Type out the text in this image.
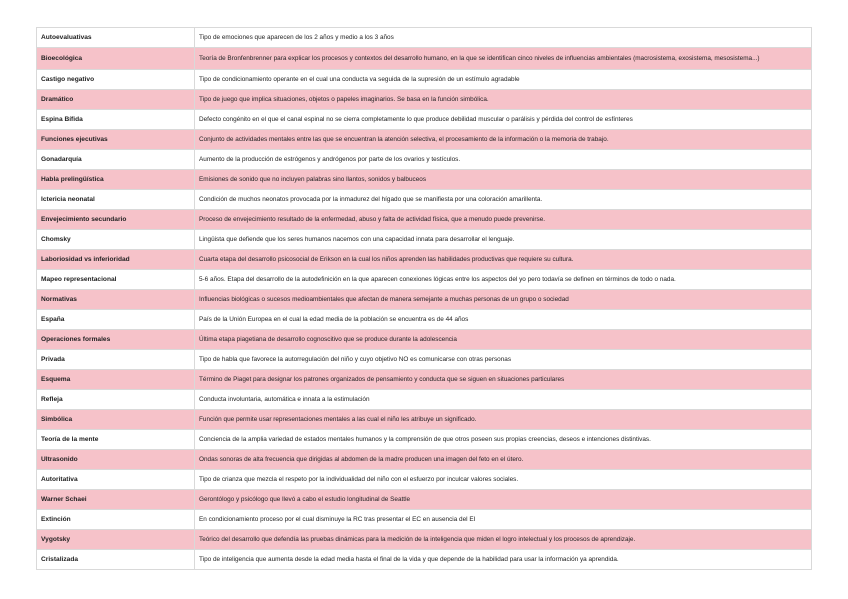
Autoevaluativas	Tipo de emociones que aparecen de los 2 años y medio a los 3 años
Bioecológica	Teoría de Bronfenbrenner para explicar los procesos y contextos del desarrollo humano, en la que se identifican cinco niveles de influencias ambientales (macrosistema, exosistema, mesosistema...)
Castigo negativo	Tipo de condicionamiento operante en el cual una conducta va seguida de la supresión de un estímulo agradable
Dramático	Tipo de juego que implica situaciones, objetos o papeles imaginarios. Se basa en la función simbólica.
Espina Bífida	Defecto congénito en el que el canal espinal no se cierra completamente lo que produce debilidad muscular o parálisis y pérdida del control de esfínteres
Funciones ejecutivas	Conjunto de actividades mentales entre las que se encuentran la atención selectiva, el procesamiento de la información o la memoria de trabajo.
Gonadarquía	Aumento de la producción de estrógenos y andrógenos por parte de los ovarios y testículos.
Habla prelingüística	Emisiones de sonido que no incluyen palabras sino llantos, sonidos y balbuceos
Ictericia neonatal	Condición de muchos neonatos provocada por la inmadurez del hígado que se manifiesta por una coloración amarillenta.
Envejecimiento secundario	Proceso de envejecimiento resultado de la enfermedad, abuso y falta de actividad física, que a menudo puede prevenirse.
Chomsky	Lingüista que defiende que los seres humanos nacemos con una capacidad innata para desarrollar el lenguaje.
Laboriosidad vs inferioridad	Cuarta etapa del desarrollo psicosocial de Erikson en la cual los niños aprenden las habilidades productivas que requiere su cultura.
Mapeo representacional	5-6 años. Etapa del desarrollo de la autodefinición en la que aparecen conexiones lógicas entre los aspectos del yo pero todavía se definen en términos de todo o nada.
Normativas	Influencias biológicas o sucesos medioambientales que afectan de manera semejante a muchas personas de un grupo o sociedad
España	País de la Unión Europea en el cual la edad media de la población se encuentra es de 44 años
Operaciones formales	Última etapa piagetiana de desarrollo cognoscitivo que se produce durante la adolescencia
Privada	Tipo de habla que favorece la autorregulación del niño y cuyo objetivo NO es comunicarse con otras personas
Esquema	Término de Piaget para designar los patrones organizados de pensamiento y conducta que se siguen en situaciones particulares
Refleja	Conducta involuntaria, automática e innata a la estimulación
Simbólica	Función que permite usar representaciones mentales a las cual el niño les atribuye un significado.
Teoría de la mente	Conciencia de la amplia variedad de estados mentales humanos y la comprensión de que otros poseen sus propias creencias, deseos e intenciones distintivas.
Ultrasonido	Ondas sonoras de alta frecuencia que dirigidas al abdomen de la madre producen una imagen del feto en el útero.
Autoritativa	Tipo de crianza que mezcla el respeto por la individualidad del niño con el esfuerzo por inculcar valores sociales.
Warner Schaei	Gerontólogo y psicólogo que llevó a cabo el estudio longitudinal de Seattle
Extinción	En condicionamiento proceso por el cual disminuye la RC tras presentar el EC en ausencia del EI
Vygotsky	Teórico del desarrollo que defendía las pruebas dinámicas para la medición de la inteligencia que miden el logro intelectual y los procesos de aprendizaje.
Cristalizada	Tipo de inteligencia que aumenta desde la edad media hasta el final de la vida y que depende de la habilidad para usar la información ya aprendida.
